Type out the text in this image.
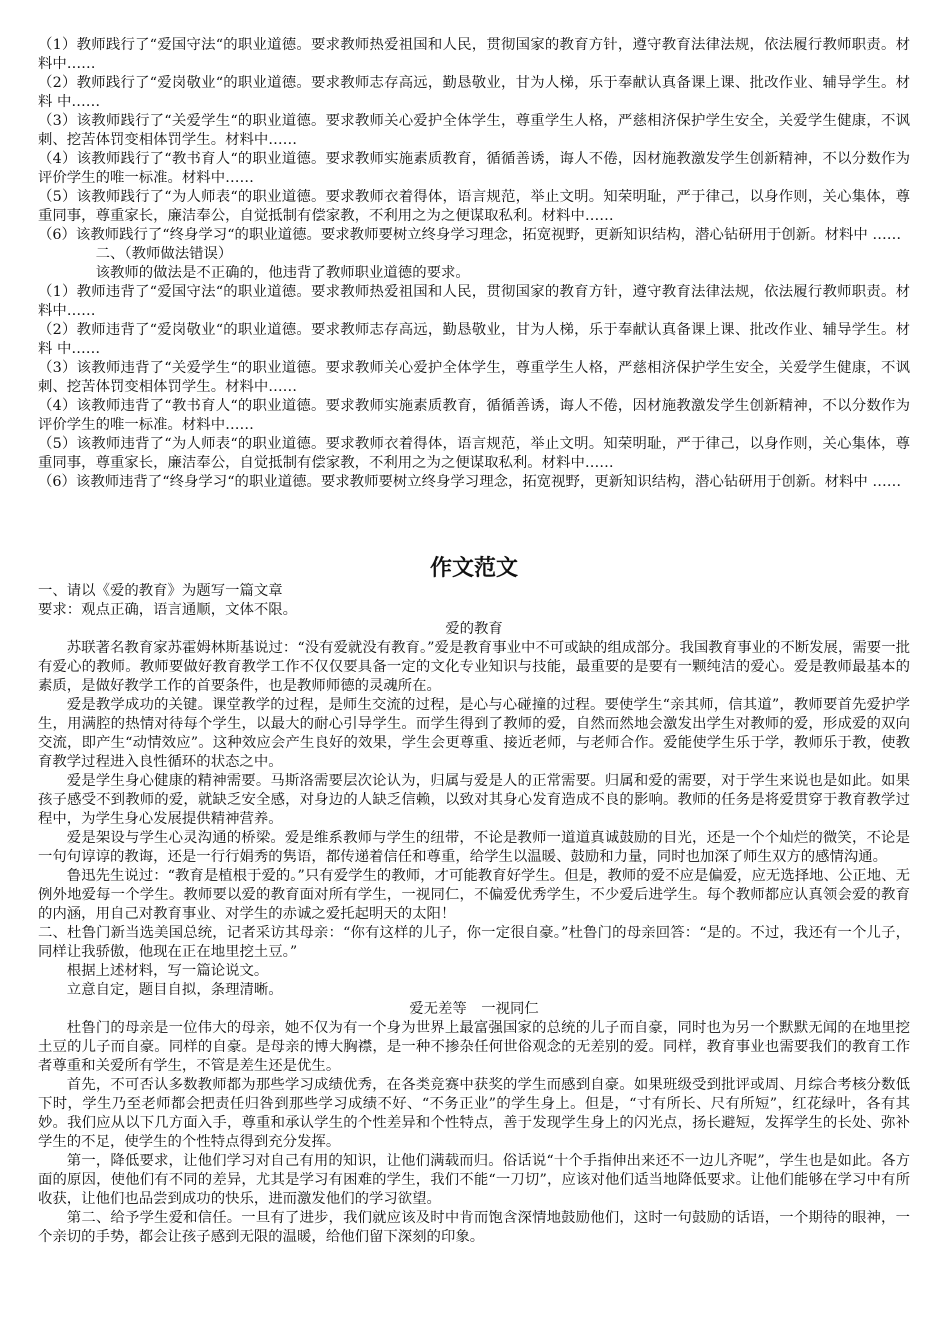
（1）教师践行了“爱国守法“的职业道德。要求教师热爱祖国和人民，贯彻国家的教育方针，遵守教育法律法规，依法履行教师职责。材料中……

（2）教师践行了“爱岗敬业“的职业道德。要求教师志存高远，勤恳敬业，甘为人梯，乐于奉献认真备课上课、批改作业、辅导学生。材料 中……

（3）该教师践行了“关爱学生“的职业道德。要求教师关心爱护全体学生，尊重学生人格，严慈相济保护学生安全，关爱学生健康，不讽刺、挖苦体罚变相体罚学生。材料中……

（4）该教师践行了“教书育人“的职业道德。要求教师实施素质教育，循循善诱，诲人不倦，因材施教激发学生创新精神，不以分数作为评价学生的唯一标准。材料中……

（5）该教师践行了“为人师表“的职业道德。要求教师衣着得体，语言规范，举止文明。知荣明耻，严于律己，以身作则，关心集体，尊重同事，尊重家长，廉洁奉公，自觉抵制有偿家教，不利用之为之便谋取私利。材料中……

（6）该教师践行了“终身学习“的职业道德。要求教师要树立终身学习理念，拓宽视野，更新知识结构，潜心钻研用于创新。材料中 ……

二、（教师做法错误）

该教师的做法是不正确的，他违背了教师职业道德的要求。

（1）教师违背了“爱国守法“的职业道德。要求教师热爱祖国和人民，贯彻国家的教育方针，遵守教育法律法规，依法履行教师职责。材料中……

（2）教师违背了“爱岗敬业“的职业道德。要求教师志存高远，勤恳敬业，甘为人梯，乐于奉献认真备课上课、批改作业、辅导学生。材料 中……

（3）该教师违背了“关爱学生“的职业道德。要求教师关心爱护全体学生，尊重学生人格，严慈相济保护学生安全，关爱学生健康，不讽刺、挖苦体罚变相体罚学生。材料中……

（4）该教师违背了“教书育人“的职业道德。要求教师实施素质教育，循循善诱，诲人不倦，因材施教激发学生创新精神，不以分数作为评价学生的唯一标准。材料中……

（5）该教师违背了“为人师表“的职业道德。要求教师衣着得体，语言规范，举止文明。知荣明耻，严于律己，以身作则，关心集体，尊重同事，尊重家长，廉洁奉公，自觉抵制有偿家教，不利用之为之便谋取私利。材料中……

（6）该教师违背了“终身学习“的职业道德。要求教师要树立终身学习理念，拓宽视野，更新知识结构，潜心钻研用于创新。材料中 ……

作文范文

一、请以《爱的教育》为题写一篇文章

要求：观点正确，语言通顺，文体不限。

爱的教育

苏联著名教育家苏霍姆林斯基说过：“没有爱就没有教育。”爱是教育事业中不可或缺的组成部分。我国教育事业的不断发展，需要一批有爱心的教师。教师要做好教育教学工作不仅仅要具备一定的文化专业知识与技能，最重要的是要有一颗纯洁的爱心。爱是教师最基本的素质，是做好教学工作的首要条件，也是教师师德的灵魂所在。

爱是教学成功的关键。课堂教学的过程，是师生交流的过程，是心与心碰撞的过程。要使学生“亲其师，信其道”，教师要首先爱护学生，用满腔的热情对待每个学生，以最大的耐心引导学生。而学生得到了教师的爱，自然而然地会激发出学生对教师的爱，形成爱的双向交流，即产生“动情效应”。这种效应会产生良好的效果，学生会更尊重、接近老师，与老师合作。爱能使学生乐于学，教师乐于教，使教育教学过程进入良性循环的状态之中。

爱是学生身心健康的精神需要。马斯洛需要层次论认为，归属与爱是人的正常需要。归属和爱的需要，对于学生来说也是如此。如果孩子感受不到教师的爱，就缺乏安全感，对身边的人缺乏信赖，以致对其身心发育造成不良的影响。教师的任务是将爱贯穿于教育教学过程中，为学生身心发展提供精神营养。

爱是架设与学生心灵沟通的桥梁。爱是维系教师与学生的纽带，不论是教师一道道真诚鼓励的目光，还是一个个灿烂的微笑，不论是一句句谆谆的教诲，还是一行行娟秀的隽语，都传递着信任和尊重，给学生以温暖、鼓励和力量，同时也加深了师生双方的感情沟通。

鲁迅先生说过：“教育是植根于爱的。”只有爱学生的教师，才可能教育好学生。但是，教师的爱不应是偏爱，应无选择地、公正地、无例外地爱每一个学生。教师要以爱的教育面对所有学生，一视同仁，不偏爱优秀学生，不少爱后进学生。每个教师都应认真领会爱的教育的内涵，用自己对教育事业、对学生的赤诚之爱托起明天的太阳！

二、杜鲁门新当选美国总统，记者采访其母亲：“你有这样的儿子，你一定很自豪。”杜鲁门的母亲回答：“是的。不过，我还有一个儿子，同样让我骄傲，他现在正在地里挖土豆。”

根据上述材料，写一篇论说文。

立意自定，题目自拟，条理清晰。

爱无差等　一视同仁

杜鲁门的母亲是一位伟大的母亲，她不仅为有一个身为世界上最富强国家的总统的儿子而自豪，同时也为另一个默默无闻的在地里挖土豆的儿子而自豪。同样的自豪。是母亲的博大胸襟，是一种不掺杂任何世俗观念的无差别的爱。同样，教育事业也需要我们的教育工作者尊重和关爱所有学生，不管是差生还是优生。

首先，不可否认多数教师都为那些学习成绩优秀，在各类竞赛中获奖的学生而感到自豪。如果班级受到批评或周、月综合考核分数低下时，学生乃至老师都会把责任归咎到那些学习成绩不好、“不务正业”的学生身上。但是，“寸有所长、尺有所短”，红花绿叶，各有其妙。我们应从以下几方面入手，尊重和承认学生的个性差异和个性特点，善于发现学生身上的闪光点，扬长避短，发挥学生的长处、弥补学生的不足，使学生的个性特点得到充分发挥。

第一，降低要求，让他们学习对自己有用的知识，让他们满载而归。俗话说“十个手指伸出来还不一边儿齐呢”，学生也是如此。各方面的原因，使他们有不同的差异，尤其是学习有困难的学生，我们不能“一刀切”，应该对他们适当地降低要求。让他们能够在学习中有所收获，让他们也品尝到成功的快乐，进而激发他们的学习欲望。

第二、给予学生爱和信任。一旦有了进步，我们就应该及时中肯而饱含深情地鼓励他们，这时一句鼓励的话语，一个期待的眼神，一个亲切的手势，都会让孩子感到无限的温暖，给他们留下深刻的印象。
